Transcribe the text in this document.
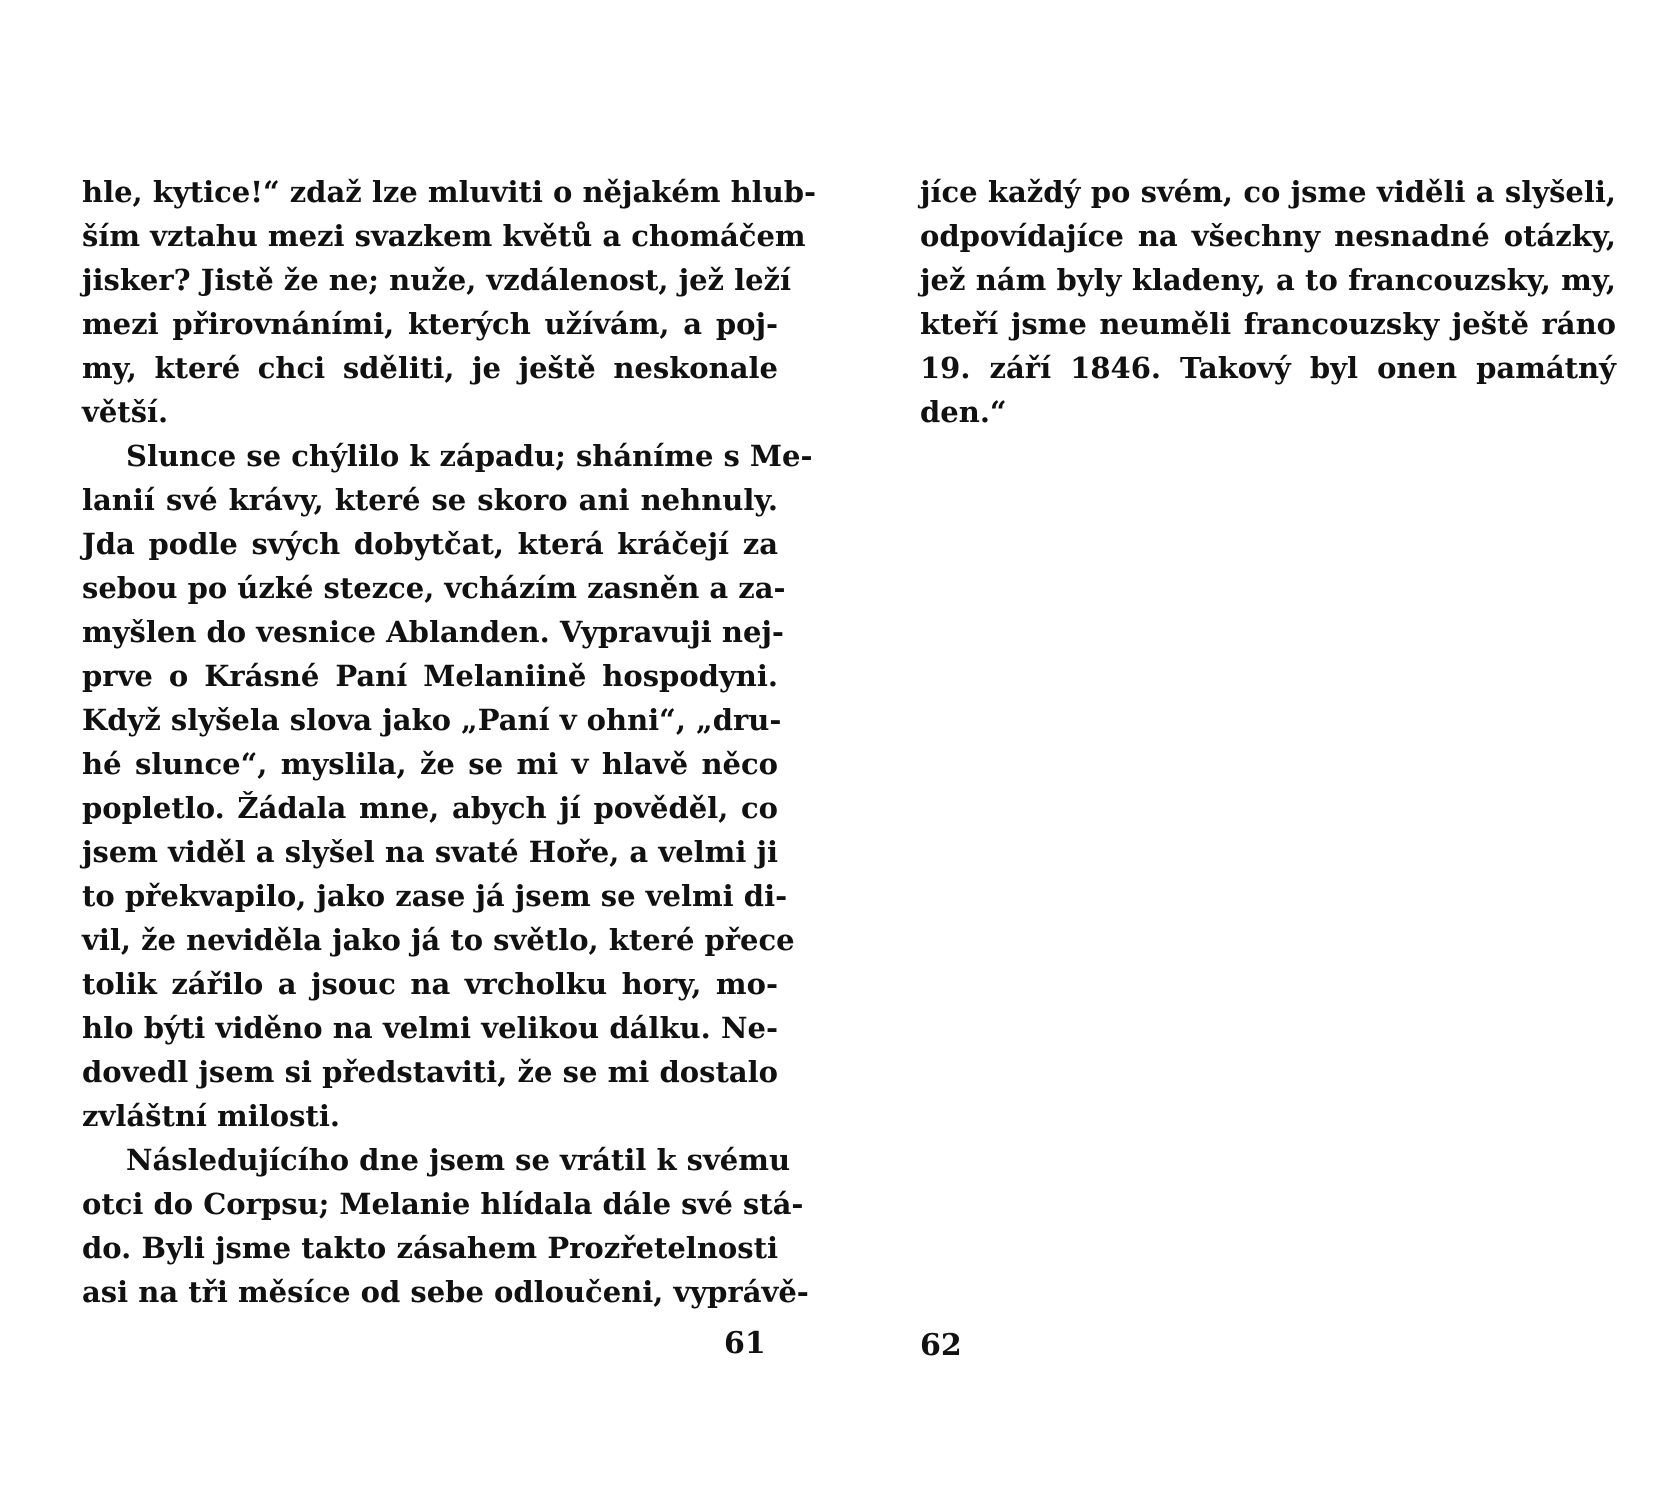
hle, kytice!“ zdaž lze mluviti o nějakém hlub-
ším vztahu mezi svazkem květů a chomáčem
jisker? Jistě že ne; nuže, vzdálenost, jež leží
mezi přirovnáními, kterých užívám, a poj-
my, které chci sděliti, je ještě neskonale
větší.
Slunce se chýlilo k západu; sháníme s Me-
lanií své krávy, které se skoro ani nehnuly.
Jda podle svých dobytčat, která kráčejí za
sebou po úzké stezce, vcházím zasněn a za-
myšlen do vesnice Ablanden. Vypravuji nej-
prve o Krásné Paní Melaniině hospodyni.
Když slyšela slova jako „Paní v ohni“, „dru-
hé slunce“, myslila, že se mi v hlavě něco
popletlo. Žádala mne, abych jí pověděl, co
jsem viděl a slyšel na svaté Hoře, a velmi ji
to překvapilo, jako zase já jsem se velmi di-
vil, že neviděla jako já to světlo, které přece
tolik zářilo a jsouc na vrcholku hory, mo-
hlo býti viděno na velmi velikou dálku. Ne-
dovedl jsem si představiti, že se mi dostalo
zvláštní milosti.
Následujícího dne jsem se vrátil k svému
otci do Corpsu; Melanie hlídala dále své stá-
do. Byli jsme takto zásahem Prozřetelnosti
asi na tři měsíce od sebe odloučeni, vyprávě-
jíce každý po svém, co jsme viděli a slyšeli,
odpovídajíce na všechny nesnadné otázky,
jež nám byly kladeny, a to francouzsky, my,
kteří jsme neuměli francouzsky ještě ráno
19. září 1846. Takový byl onen památný
den.“
61	62
